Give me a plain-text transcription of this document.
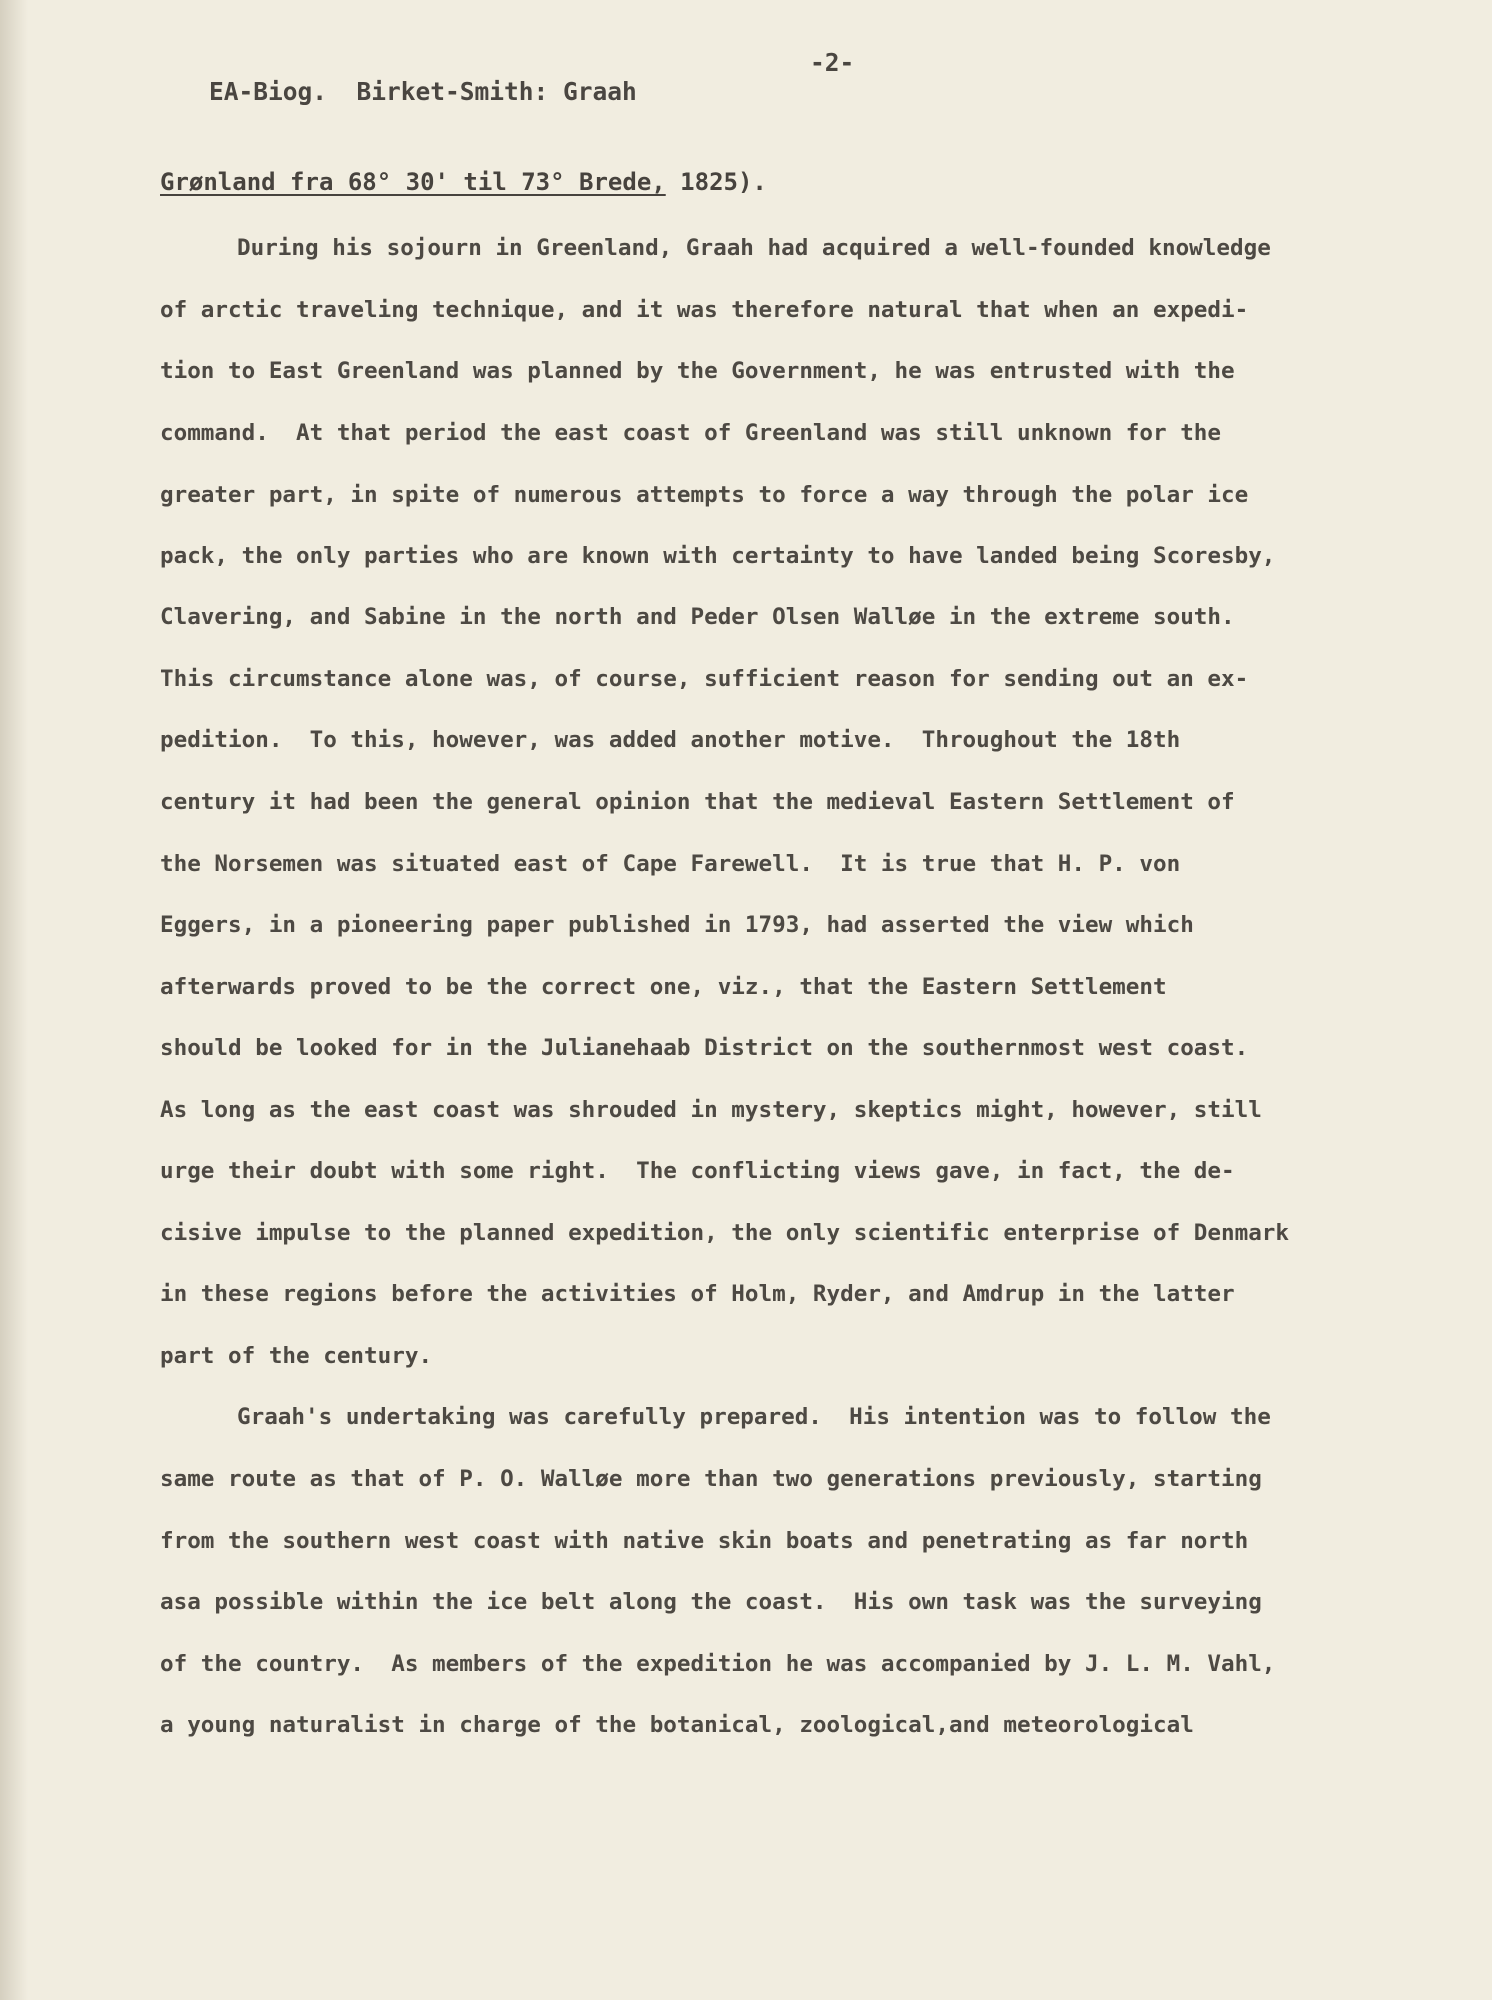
EA-Biog.  Birket-Smith: Graah

-2-

Grønland fra 68° 30' til 73° Brede, 1825).
During his sojourn in Greenland, Graah had acquired a well-founded knowledge
of arctic traveling technique, and it was therefore natural that when an expedi-
tion to East Greenland was planned by the Government, he was entrusted with the
command.  At that period the east coast of Greenland was still unknown for the
greater part, in spite of numerous attempts to force a way through the polar ice
pack, the only parties who are known with certainty to have landed being Scoresby,
Clavering, and Sabine in the north and Peder Olsen Walløe in the extreme south.
This circumstance alone was, of course, sufficient reason for sending out an ex-
pedition.  To this, however, was added another motive.  Throughout the 18th
century it had been the general opinion that the medieval Eastern Settlement of
the Norsemen was situated east of Cape Farewell.  It is true that H. P. von
Eggers, in a pioneering paper published in 1793, had asserted the view which
afterwards proved to be the correct one, viz., that the Eastern Settlement
should be looked for in the Julianehaab District on the southernmost west coast.
As long as the east coast was shrouded in mystery, skeptics might, however, still
urge their doubt with some right.  The conflicting views gave, in fact, the de-
cisive impulse to the planned expedition, the only scientific enterprise of Denmark
in these regions before the activities of Holm, Ryder, and Amdrup in the latter
part of the century.
Graah's undertaking was carefully prepared.  His intention was to follow the
same route as that of P. O. Walløe more than two generations previously, starting
from the southern west coast with native skin boats and penetrating as far north
asa possible within the ice belt along the coast.  His own task was the surveying
of the country.  As members of the expedition he was accompanied by J. L. M. Vahl,
a young naturalist in charge of the botanical, zoological,and meteorological
